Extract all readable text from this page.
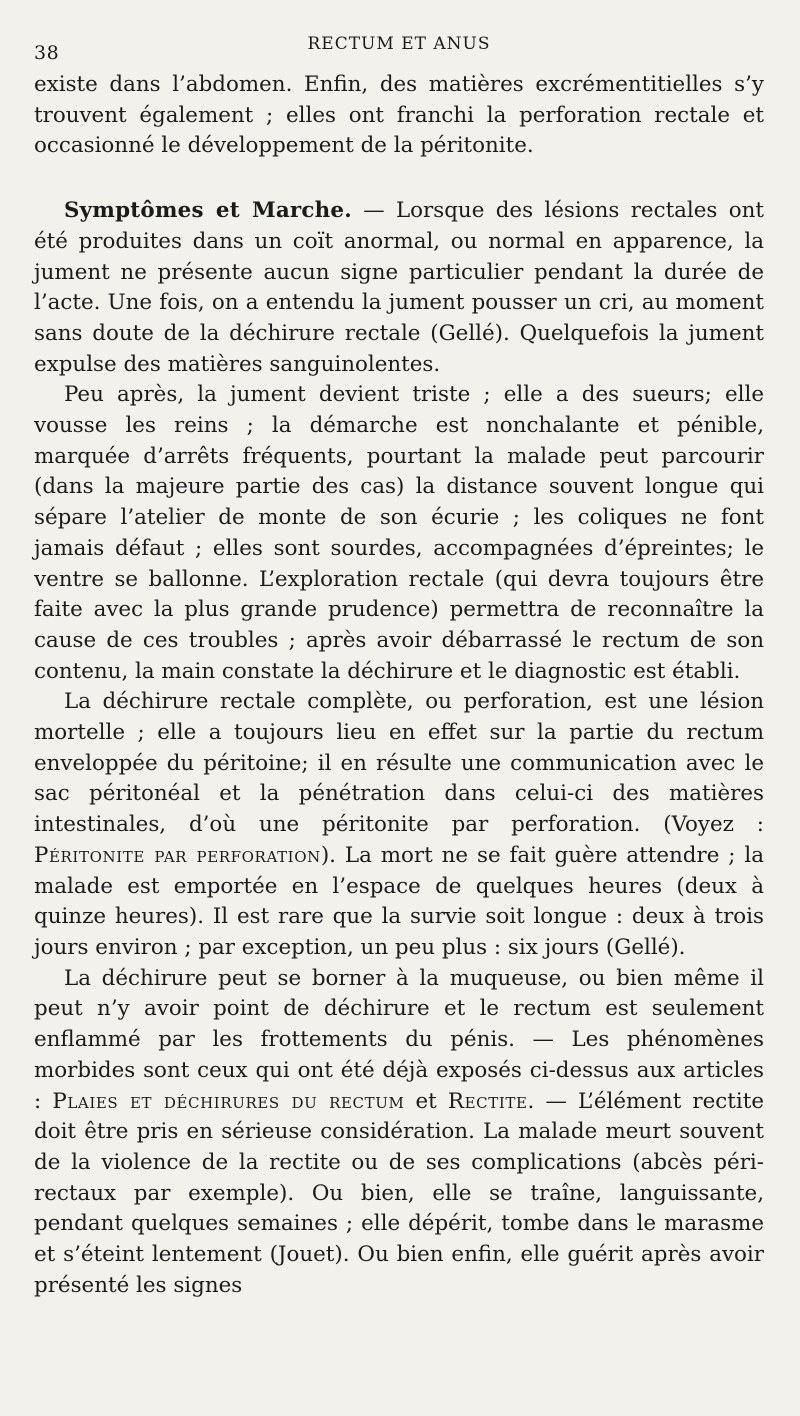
38	RECTUM ET ANUS

existe dans l’abdomen. Enfin, des matières excrémentitielles s’y trouvent également ; elles ont franchi la perforation rectale et occasionné le développement de la péritonite.

Symptômes et Marche. — Lorsque des lésions rectales ont été produites dans un coït anormal, ou normal en apparence, la jument ne présente aucun signe particulier pendant la durée de l’acte. Une fois, on a entendu la jument pousser un cri, au moment sans doute de la déchirure rectale (Gellé). Quelquefois la jument expulse des matières sanguinolentes.

Peu après, la jument devient triste ; elle a des sueurs; elle vousse les reins ; la démarche est nonchalante et pénible, marquée d’arrêts fréquents, pourtant la malade peut parcourir (dans la majeure partie des cas) la distance souvent longue qui sépare l’atelier de monte de son écurie ; les coliques ne font jamais défaut ; elles sont sourdes, accompagnées d’épreintes; le ventre se ballonne. L’exploration rectale (qui devra toujours être faite avec la plus grande prudence) permettra de reconnaître la cause de ces troubles ; après avoir débarrassé le rectum de son contenu, la main constate la déchirure et le diagnostic est établi.

La déchirure rectale complète, ou perforation, est une lésion mortelle ; elle a toujours lieu en effet sur la partie du rectum enveloppée du péritoine; il en résulte une communication avec le sac péritonéal et la pénétration dans celui-ci des matières intestinales, d’où une péritonite par perforation. (Voyez : Péritonite par perforation). La mort ne se fait guère attendre ; la malade est emportée en l’espace de quelques heures (deux à quinze heures). Il est rare que la survie soit longue : deux à trois jours environ ; par exception, un peu plus : six jours (Gellé).

La déchirure peut se borner à la muqueuse, ou bien même il peut n’y avoir point de déchirure et le rectum est seulement enflammé par les frottements du pénis. — Les phénomènes morbides sont ceux qui ont été déjà exposés ci-dessus aux articles : Plaies et déchirures du rectum et Rectite. — L’élément rectite doit être pris en sérieuse considération. La malade meurt souvent de la violence de la rectite ou de ses complications (abcès péri-rectaux par exemple). Ou bien, elle se traîne, languissante, pendant quelques semaines ; elle dépérit, tombe dans le marasme et s’éteint lentement (Jouet). Ou bien enfin, elle guérit après avoir présenté les signes
